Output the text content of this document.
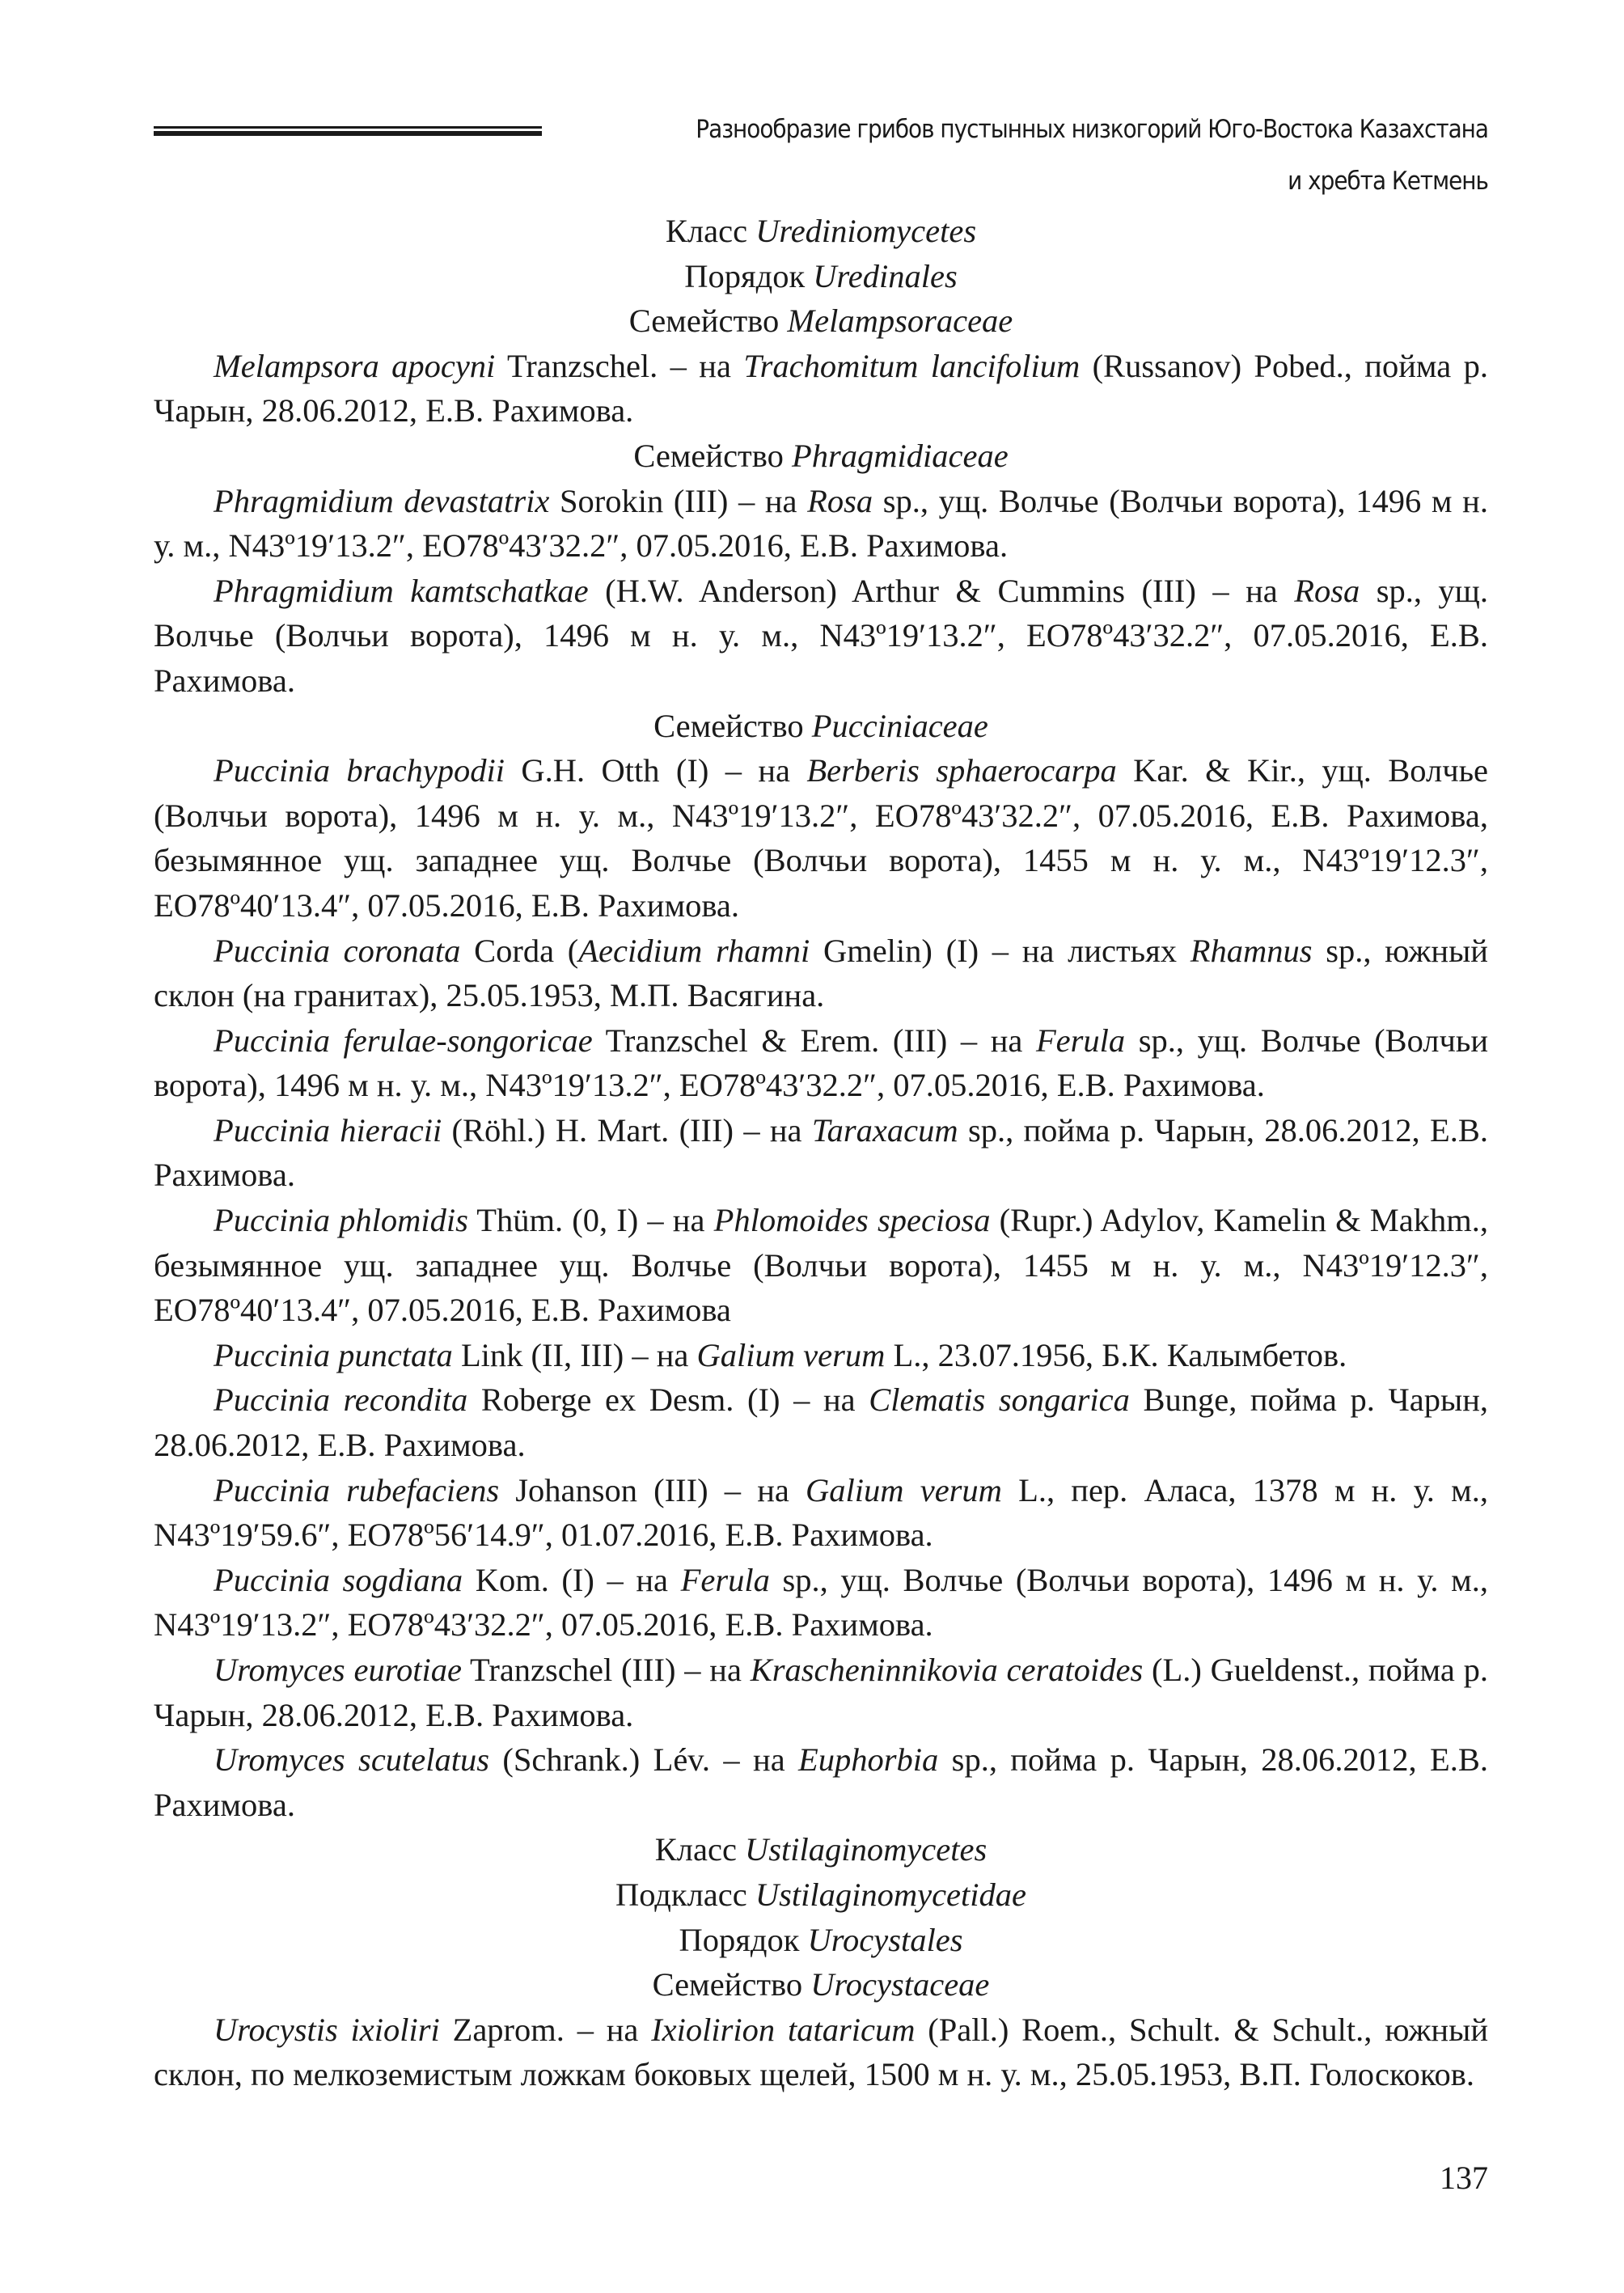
Разнообразие грибов пустынных низкогорий Юго-Востока Казахстана
и хребта Кетмень

Класс Urediniomycetes

Порядок Uredinales

Семейство Melampsoraceae

Melampsora apocyni Tranzschel. – на Trachomitum lancifolium (Russanov) Pobed., пойма р. Чарын, 28.06.2012, Е.В. Рахимова.

Семейство Phragmidiaceae

Phragmidium devastatrix Sorokin (III) – на Rosa sp., ущ. Волчье (Волчьи ворота), 1496 м н. у. м., N43º19′13.2″, EO78º43′32.2″, 07.05.2016, Е.В. Рахимова.

Phragmidium kamtschatkae (H.W. Anderson) Arthur & Cummins (III) – на Rosa sp., ущ. Волчье (Волчьи ворота), 1496 м н. у. м., N43º19′13.2″, EO78º43′32.2″, 07.05.2016, Е.В. Рахимова.

Семейство Pucciniaceae

Puccinia brachypodii G.H. Otth (I) – на Berberis sphaerocarpa Kar. & Kir., ущ. Волчье (Волчьи ворота), 1496 м н. у. м., N43º19′13.2″, EO78º43′32.2″, 07.05.2016, Е.В. Рахимова, безымянное ущ. западнее ущ. Волчье (Волчьи ворота), 1455 м н. у. м., N43º19′12.3″, EO78º40′13.4″, 07.05.2016, Е.В. Рахимова.

Puccinia coronata Corda (Aecidium rhamni Gmelin) (I) – на листьях Rhamnus sp., южный склон (на гранитах), 25.05.1953, М.П. Васягина.

Puccinia ferulae-songoricae Tranzschel & Erem. (III) – на Ferula sp., ущ. Волчье (Волчьи ворота), 1496 м н. у. м., N43º19′13.2″, EO78º43′32.2″, 07.05.2016, Е.В. Рахимова.

Puccinia hieracii (Röhl.) H. Mart. (III) – на Taraxacum sp., пойма р. Чарын, 28.06.2012, Е.В. Рахимова.

Puccinia phlomidis Thüm. (0, I) – на Phlomoides speciosa (Rupr.) Adylov, Kamelin & Makhm., безымянное ущ. западнее ущ. Волчье (Волчьи ворота), 1455 м н. у. м., N43º19′12.3″, EO78º40′13.4″, 07.05.2016, Е.В. Рахимова

Puccinia punctata Link (II, III) – на Galium verum L., 23.07.1956, Б.К. Калымбетов.

Puccinia recondita Roberge ex Desm. (I) – на Clematis songarica Bunge, пойма р. Чарын, 28.06.2012, Е.В. Рахимова.

Puccinia rubefaciens Johanson (III) – на Galium verum L., пер. Аласа, 1378 м н. у. м., N43º19′59.6″, EO78º56′14.9″, 01.07.2016, Е.В. Рахимова.

Puccinia sogdiana Kom. (I) – на Ferula sp., ущ. Волчье (Волчьи ворота), 1496 м н. у. м., N43º19′13.2″, EO78º43′32.2″, 07.05.2016, Е.В. Рахимова.

Uromyces eurotiae Tranzschel (III) – на Krascheninnikovia ceratoides (L.) Gueldenst., пойма р. Чарын, 28.06.2012, Е.В. Рахимова.

Uromyces scutelatus (Schrank.) Lév. – на Euphorbia sp., пойма р. Чарын, 28.06.2012, Е.В. Рахимова.

Класс Ustilaginomycetes

Подкласс Ustilaginomycetidae

Порядок Urocystales

Семейство Urocystaceae

Urocystis ixioliri Zaprom. – на Ixiolirion tataricum (Pall.) Roem., Schult. & Schult., южный склон, по мелкоземистым ложкам боковых щелей, 1500 м н. у. м., 25.05.1953, В.П. Голоскоков.

137
